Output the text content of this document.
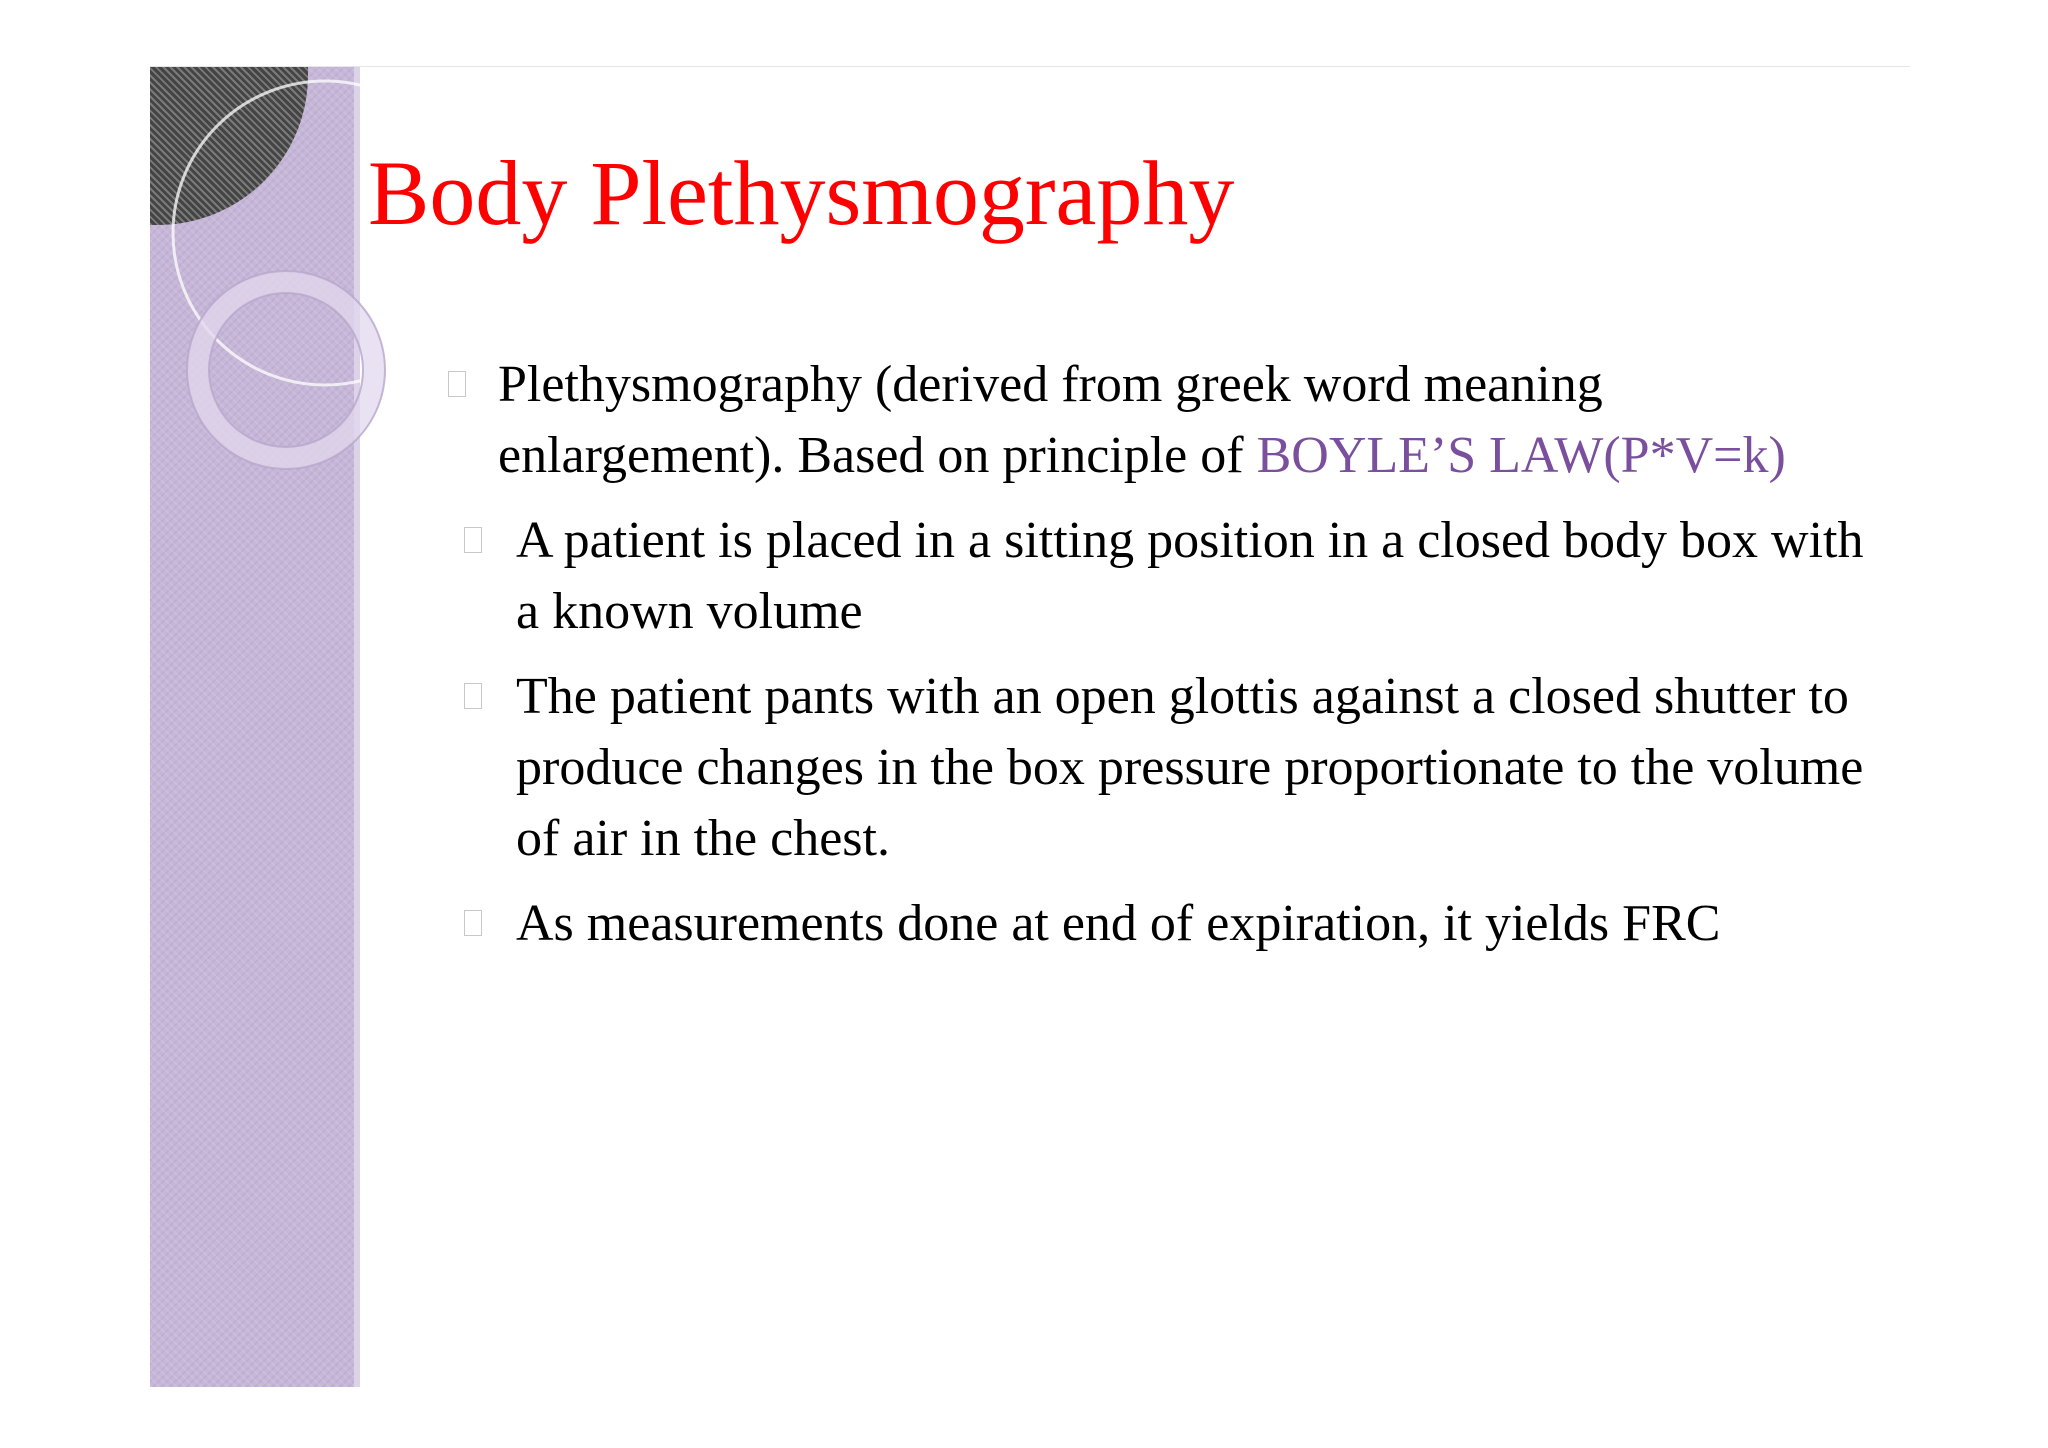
Body Plethysmography
Plethysmography (derived from greek word meaning enlargement). Based on principle of BOYLE’S LAW(P*V=k)
A patient is placed in a sitting position in a closed body box with a known volume
The patient pants with an open glottis against a closed shutter to produce changes in the box pressure proportionate to the volume of air in the chest.
As measurements done at end of expiration, it yields FRC
